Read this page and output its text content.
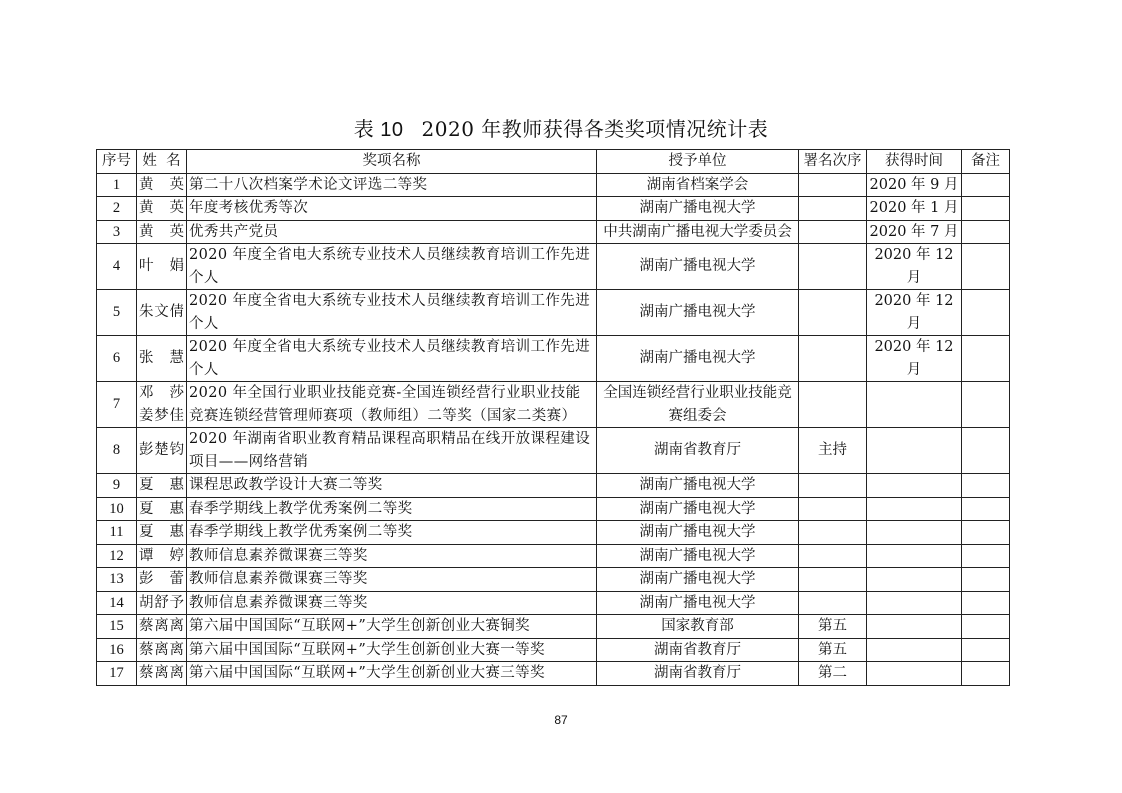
表 10 2020 年教师获得各类奖项情况统计表
序号	姓  名	奖项名称	授予单位	署名次序	获得时间	备注
1	黄 英	第二十八次档案学术论文评选二等奖	湖南省档案学会		2020 年 9 月	
2	黄 英	年度考核优秀等次	湖南广播电视大学		2020 年 1 月	
3	黄 英	优秀共产党员	中共湖南广播电视大学委员会		2020 年 7 月	
4	叶 娟	2020 年度全省电大系统专业技术人员继续教育培训工作先进个人	湖南广播电视大学		2020 年 12 月	
5	朱文倩	2020 年度全省电大系统专业技术人员继续教育培训工作先进个人	湖南广播电视大学		2020 年 12 月	
6	张 慧	2020 年度全省电大系统专业技术人员继续教育培训工作先进个人	湖南广播电视大学		2020 年 12 月	
7	邓 莎 姜梦佳	2020 年全国行业职业技能竞赛-全国连锁经营行业职业技能竞赛连锁经营管理师赛项（教师组）二等奖（国家二类赛）	全国连锁经营行业职业技能竞赛组委会			
8	彭楚钧	2020 年湖南省职业教育精品课程高职精品在线开放课程建设项目——网络营销	湖南省教育厅	主持		
9	夏 惠	课程思政教学设计大赛二等奖	湖南广播电视大学			
10	夏 惠	春季学期线上教学优秀案例二等奖	湖南广播电视大学			
11	夏 惠	春季学期线上教学优秀案例二等奖	湖南广播电视大学			
12	谭 婷	教师信息素养微课赛三等奖	湖南广播电视大学			
13	彭 蕾	教师信息素养微课赛三等奖	湖南广播电视大学			
14	胡舒予	教师信息素养微课赛三等奖	湖南广播电视大学			
15	蔡离离	第六届中国国际“互联网+”大学生创新创业大赛铜奖	国家教育部	第五		
16	蔡离离	第六届中国国际“互联网+”大学生创新创业大赛一等奖	湖南省教育厅	第五		
17	蔡离离	第六届中国国际“互联网+”大学生创新创业大赛三等奖	湖南省教育厅	第二		
87
